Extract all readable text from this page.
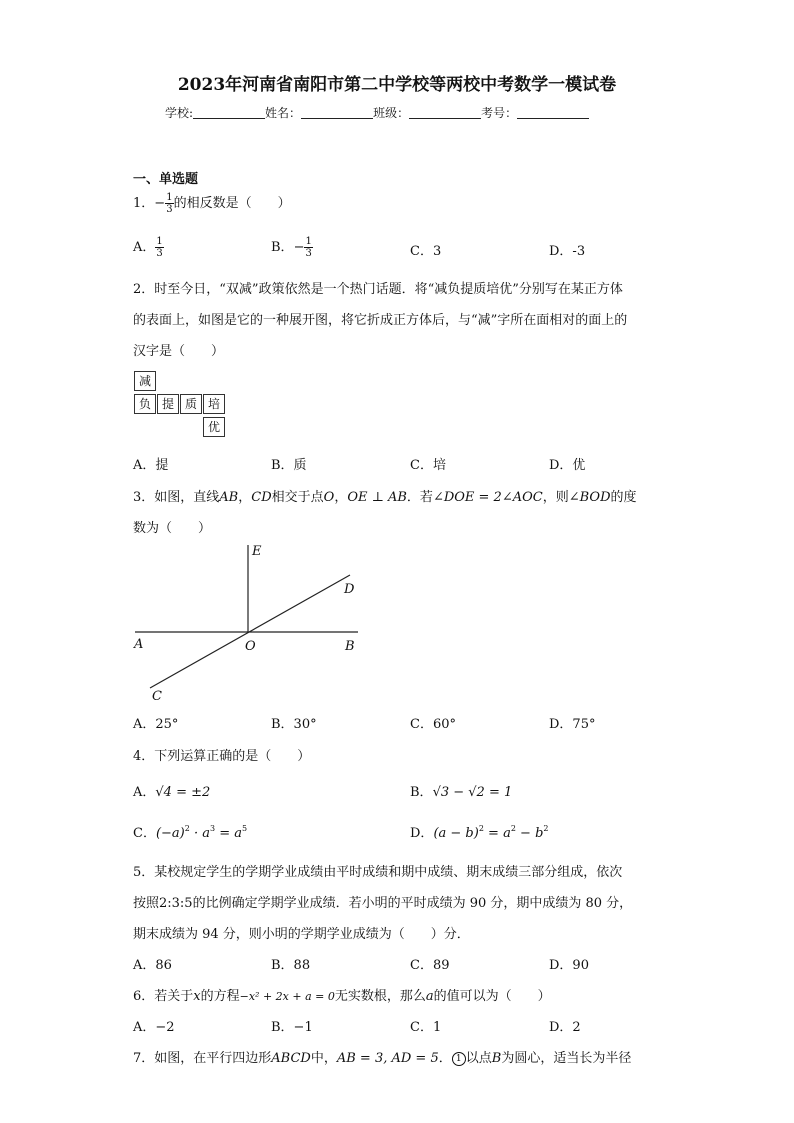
2023年河南省南阳市第二中学校等两校中考数学一模试卷
学校:	姓名：	班级：	考号：
一、单选题
1．− $\frac{1}{3}$ 的相反数是（　　）
A． $\frac{1}{3}$	B．− $\frac{1}{3}$	C．3	D．-3
2．时至今日，“双减”政策依然是一个热门话题．将“减负提质培优”分别写在某正方体
的表面上，如图是它的一种展开图，将它折成正方体后，与“减”字所在面相对的面上的
汉字是（　　）
减
负 提 质 培
优
A．提	B．质	C．培	D．优
3．如图，直线AB，CD相交于点O，OE ⊥ AB．若∠DOE = 2∠AOC，则∠BOD的度
数为（　　）
E
D
A	O	B
C
A．25°	B．30°	C．60°	D．75°
4．下列运算正确的是（　　）
A．√4 = ±2	B．√3 − √2 = 1
C．$(-a)^2 \cdot a^3 = a^5$	D．$(a - b)^2 = a^2 - b^2$
5．某校规定学生的学期学业成绩由平时成绩和期中成绩、期末成绩三部分组成，依次
按照2:3:5的比例确定学期学业成绩．若小明的平时成绩为 90 分，期中成绩为 80 分，
期末成绩为 94 分，则小明的学期学业成绩为（　　）分．
A．86	B．88	C．89	D．90
6．若关于x的方程−x² + 2x + a = 0无实数根，那么a的值可以为（　　）
A．−2	B．−1	C．1	D．2
7．如图，在平行四边形ABCD中，AB = 3, AD = 5． 1 以点B为圆心，适当长为半径
